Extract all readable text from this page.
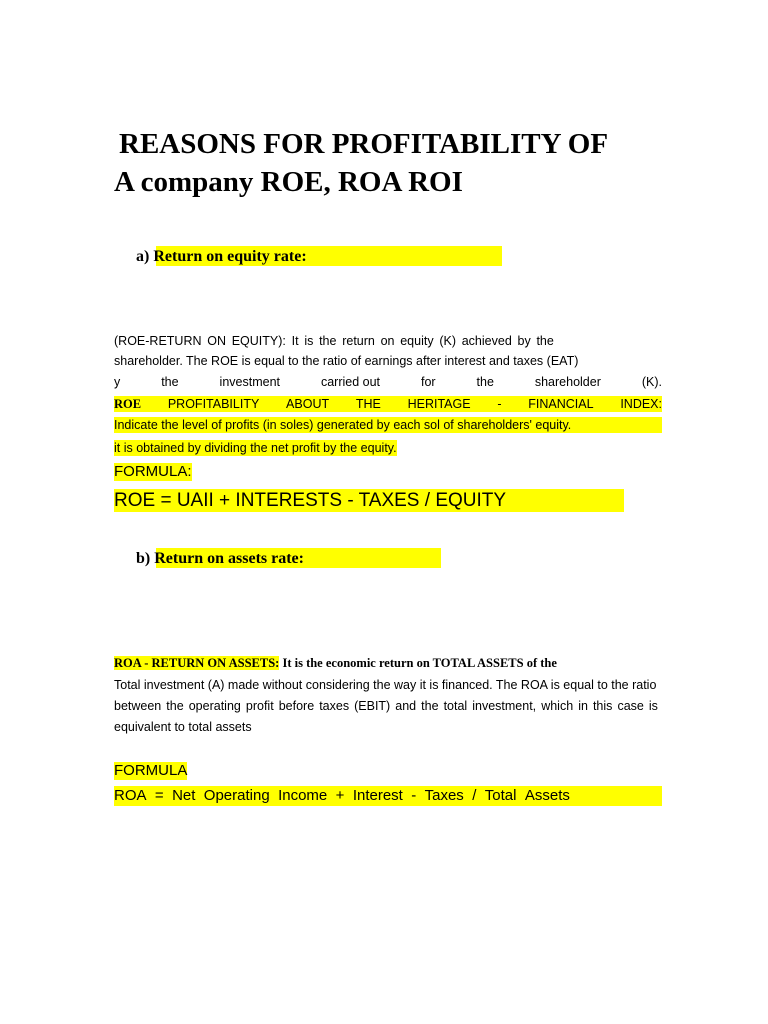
REASONS FOR PROFITABILITY OF
A company ROE, ROA ROI
a) Return on equity rate:
(ROE-RETURN ON EQUITY): It is the return on equity (K) achieved by the
shareholder. The ROE is equal to the ratio of earnings after interest and taxes (EAT)
y	the	investment	carried out	for	the	shareholder	(K).
ROE PROFITABILITY ABOUT THE HERITAGE - FINANCIAL INDEX:
Indicate the level of profits (in soles) generated by each sol of shareholders' equity.
it is obtained by dividing the net profit by the equity.
FORMULA:
ROE = UAII + INTERESTS - TAXES / EQUITY
b) Return on assets rate:
ROA - RETURN ON ASSETS: It is the economic return on TOTAL ASSETS of the
Total investment (A) made without considering the way it is financed. The ROA is equal to the ratio
between the operating profit before taxes (EBIT) and the total investment, which in this case is
equivalent to total assets
FORMULA
ROA = Net Operating Income + Interest - Taxes / Total Assets
